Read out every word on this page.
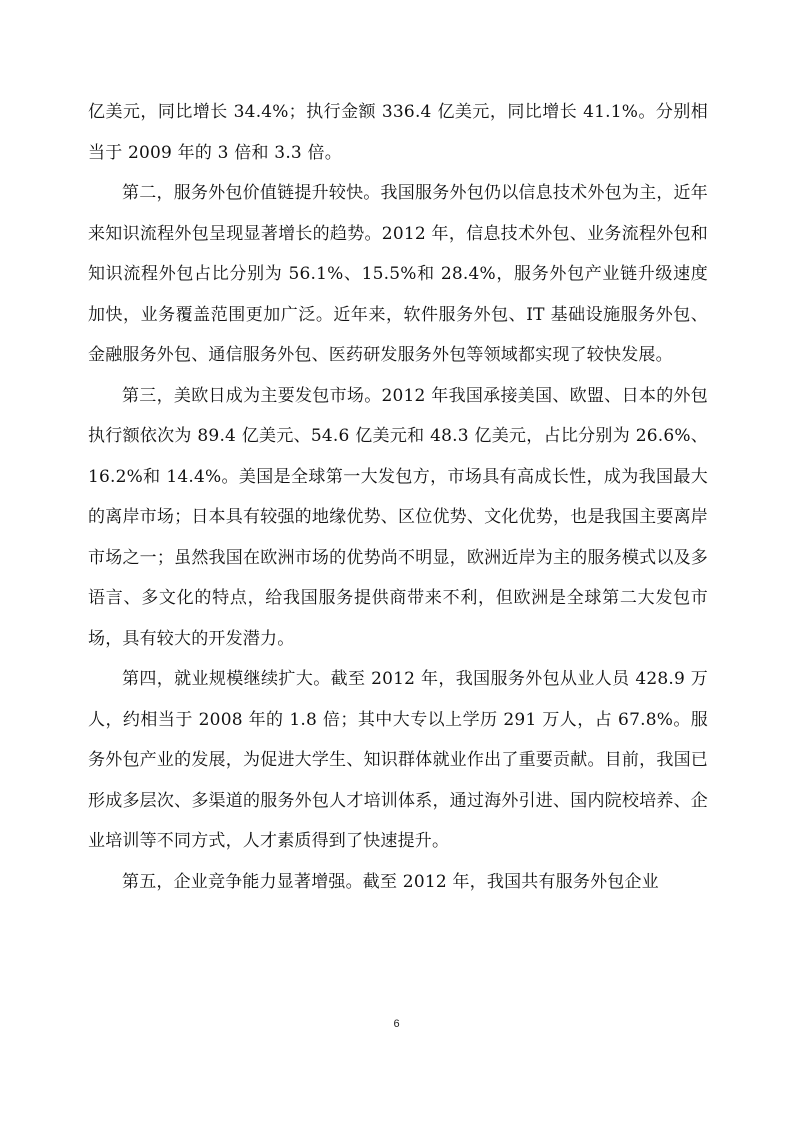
亿美元，同比增长 34.4%；执行金额 336.4 亿美元，同比增长 41.1%。分别相当于 2009 年的 3 倍和 3.3 倍。

第二，服务外包价值链提升较快。我国服务外包仍以信息技术外包为主，近年来知识流程外包呈现显著增长的趋势。2012 年，信息技术外包、业务流程外包和知识流程外包占比分别为 56.1%、15.5%和 28.4%，服务外包产业链升级速度加快，业务覆盖范围更加广泛。近年来，软件服务外包、IT 基础设施服务外包、金融服务外包、通信服务外包、医药研发服务外包等领域都实现了较快发展。

第三，美欧日成为主要发包市场。2012 年我国承接美国、欧盟、日本的外包执行额依次为 89.4 亿美元、54.6 亿美元和 48.3 亿美元，占比分别为 26.6%、16.2%和 14.4%。美国是全球第一大发包方，市场具有高成长性，成为我国最大的离岸市场；日本具有较强的地缘优势、区位优势、文化优势，也是我国主要离岸市场之一；虽然我国在欧洲市场的优势尚不明显，欧洲近岸为主的服务模式以及多语言、多文化的特点，给我国服务提供商带来不利，但欧洲是全球第二大发包市场，具有较大的开发潜力。

第四，就业规模继续扩大。截至 2012 年，我国服务外包从业人员 428.9 万人，约相当于 2008 年的 1.8 倍；其中大专以上学历 291 万人，占 67.8%。服务外包产业的发展，为促进大学生、知识群体就业作出了重要贡献。目前，我国已形成多层次、多渠道的服务外包人才培训体系，通过海外引进、国内院校培养、企业培训等不同方式，人才素质得到了快速提升。

第五，企业竞争能力显著增强。截至 2012 年，我国共有服务外包企业

6
